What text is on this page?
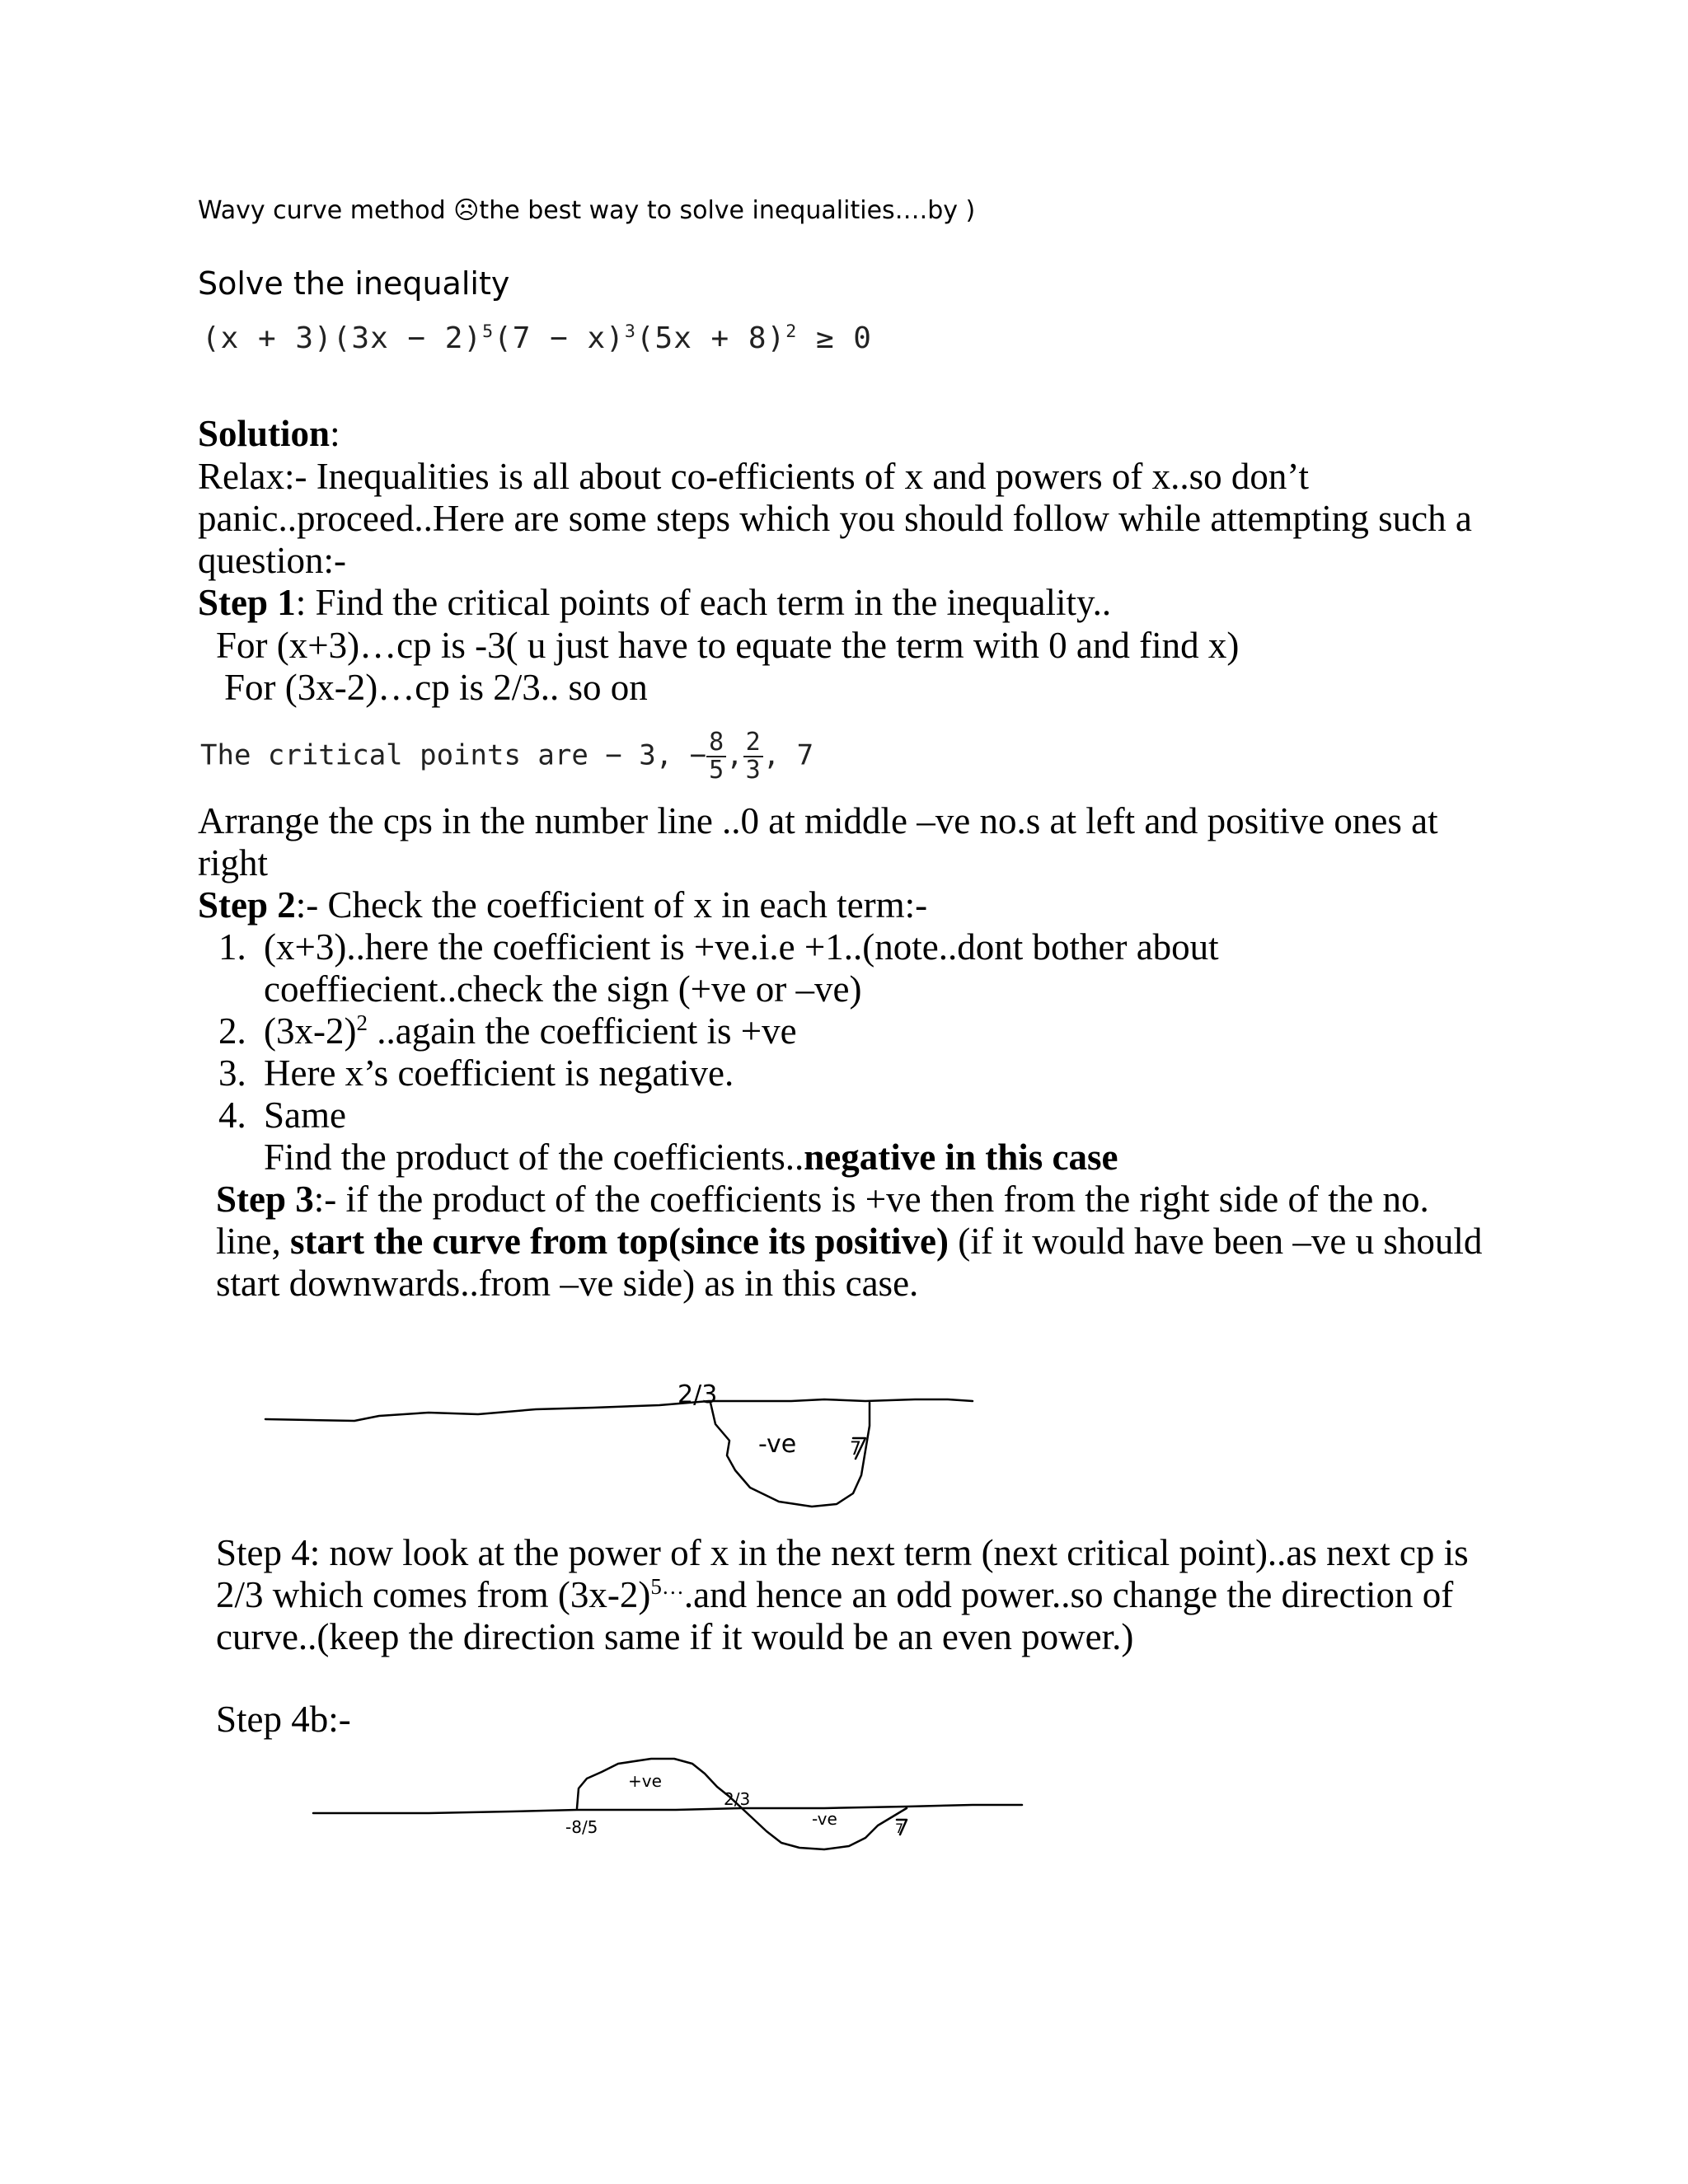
Wavy curve method ☹the best way to solve inequalities….by )
Solve the inequality
$(x + 3)(3x - 2)^5(7 - x)^3(5x + 8)^2 \ge 0$
Solution:
Relax:- Inequalities is all about co-efficients of x and powers of x..so don’t
panic..proceed..Here are some steps which you should follow while attempting such a
question:-
Step 1: Find the critical points of each term in the inequality..
For (x+3)…cp is -3( u just have to equate the term with 0 and find x)
For (3x-2)…cp is 2/3.. so on
The critical points are − 3, − $\frac{8}{5}$ , $\frac{2}{3}$ , 7
Arrange the cps in the number line ..0 at middle –ve no.s at left and positive ones at
right
Step 2:- Check the coefficient of x in each term:-
1. (x+3)..here the coefficient is +ve.i.e +1..(note..dont bother about
coeffiecient..check the sign (+ve or –ve)
2. $(3x-2)^2$ ..again the coefficient is +ve
3. Here x’s coefficient is negative.
4. Same
Find the product of the coefficients..negative in this case
Step 3:- if the product of the coefficients is +ve then from the right side of the no.
line, start the curve from top(since its positive) (if it would have been –ve u should
start downwards..from –ve side) as in this case.
2/3
-ve	7
Step 4: now look at the power of x in the next term (next critical point)..as next cp is
2/3 which comes from $(3x-2)^{5\dots}.and$ hence an odd power..so change the direction of
curve..(keep the direction same if it would be an even power.)
Step 4b:-
+ve
-8/5
2/3
-ve	7
